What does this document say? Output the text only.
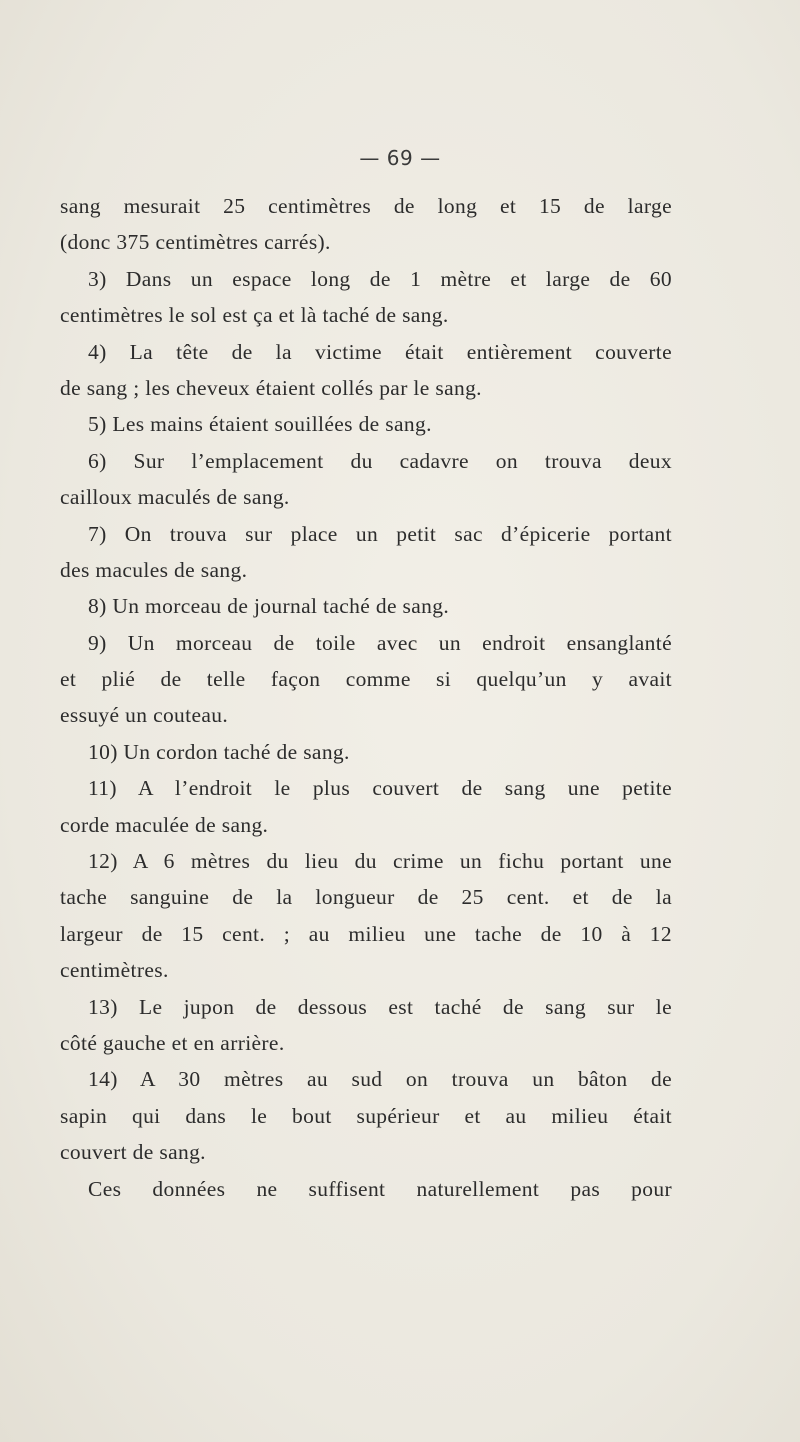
— 69 —
sang mesurait 25 centimètres de long et 15 de large
(donc 375 centimètres carrés).
3) Dans un espace long de 1 mètre et large de 60
centimètres le sol est ça et là taché de sang.
4) La tête de la victime était entièrement couverte
de sang ; les cheveux étaient collés par le sang.
5) Les mains étaient souillées de sang.
6) Sur l’emplacement du cadavre on trouva deux
cailloux maculés de sang.
7) On trouva sur place un petit sac d’épicerie portant
des macules de sang.
8) Un morceau de journal taché de sang.
9) Un morceau de toile avec un endroit ensanglanté
et plié de telle façon comme si quelqu’un y avait
essuyé un couteau.
10) Un cordon taché de sang.
11) A l’endroit le plus couvert de sang une petite
corde maculée de sang.
12) A 6 mètres du lieu du crime un fichu portant une
tache sanguine de la longueur de 25 cent. et de la
largeur de 15 cent. ; au milieu une tache de 10 à 12
centimètres.
13) Le jupon de dessous est taché de sang sur le
côté gauche et en arrière.
14) A 30 mètres au sud on trouva un bâton de
sapin qui dans le bout supérieur et au milieu était
couvert de sang.
Ces données ne suffisent naturellement pas pour
